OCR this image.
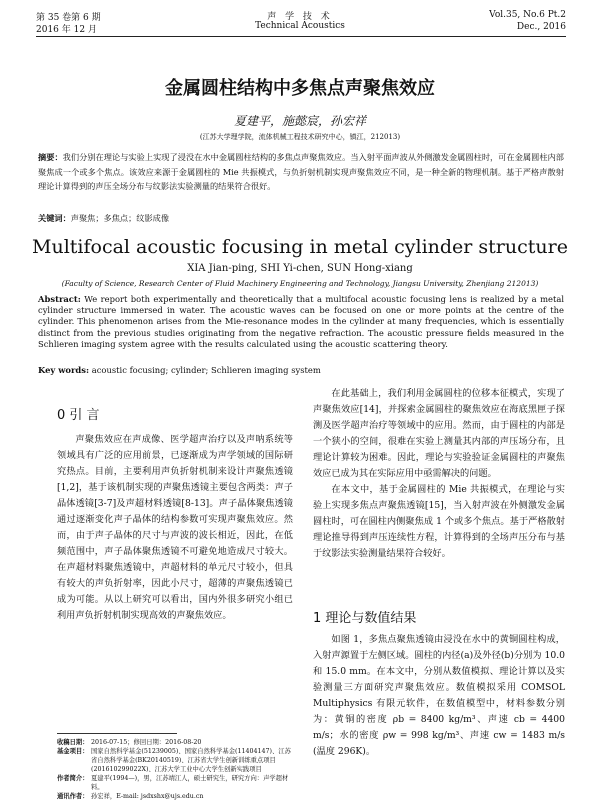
第 35 卷第 6 期
2016 年 12 月
声 学 技 术
Technical Acoustics
Vol.35, No.6 Pt.2
Dec., 2016
金属圆柱结构中多焦点声聚焦效应
夏建平，施懿宸，孙宏祥
(江苏大学理学院，流体机械工程技术研究中心，镇江，212013)
摘要：我们分别在理论与实验上实现了浸没在水中金属圆柱结构的多焦点声聚焦效应。当入射平面声波从外侧激发金属圆柱时，可在金属圆柱内部聚焦成一个或多个焦点。该效应来源于金属圆柱的 Mie 共振模式，与负折射机制实现声聚焦效应不同，是一种全新的物理机制。基于严格声散射理论计算得到的声压全场分布与纹影法实验测量的结果符合很好。
关键词：声聚焦；多焦点；纹影成像
Multifocal acoustic focusing in metal cylinder structure
XIA Jian-ping, SHI Yi-chen, SUN Hong-xiang
(Faculty of Science, Research Center of Fluid Machinery Engineering and Technology, Jiangsu University, Zhenjiang 212013)
Abstract: We report both experimentally and theoretically that a multifocal acoustic focusing lens is realized by a metal cylinder structure immersed in water. The acoustic waves can be focused on one or more points at the centre of the cylinder. This phenomenon arises from the Mie-resonance modes in the cylinder at many frequencies, which is essentially distinct from the previous studies originating from the negative refraction. The acoustic pressure fields measured in the Schlieren imaging system agree with the results calculated using the acoustic scattering theory.
Key words: acoustic focusing; cylinder; Schlieren imaging system
0 引 言

声聚焦效应在声成像、医学超声治疗以及声呐系统等领域具有广泛的应用前景，已逐渐成为声学领域的国际研究热点。目前，主要利用声负折射机制来设计声聚焦透镜[1,2]，基于该机制实现的声聚焦透镜主要包含两类：声子晶体透镜[3-7]及声超材料透镜[8-13]。声子晶体聚焦透镜通过逐渐变化声子晶体的结构参数可实现声聚焦效应。然而，由于声子晶体的尺寸与声波的波长相近，因此，在低频范围中，声子晶体聚焦透镜不可避免地造成尺寸较大。在声超材料聚焦透镜中，声超材料的单元尺寸较小，但具有较大的声负折射率，因此小尺寸，超薄的声聚焦透镜已成为可能。从以上研究可以看出，国内外很多研究小组已利用声负折射机制实现高效的声聚焦效应。

在此基础上，我们利用金属圆柱的位移本征模式，实现了声聚焦效应[14]，并探索金属圆柱的聚焦效应在海底黑匣子探测及医学超声治疗等领域中的应用。然而，由于圆柱的内部是一个狭小的空间，很难在实验上测量其内部的声压场分布，且理论计算较为困难。因此，理论与实验验证金属圆柱的声聚焦效应已成为其在实际应用中亟需解决的问题。

在本文中，基于金属圆柱的 Mie 共振模式，在理论与实验上实现多焦点声聚焦透镜[15]，当入射声波在外侧激发金属圆柱时，可在圆柱内侧聚焦成 1 个或多个焦点。基于严格散射理论推导得到声压连续性方程，计算得到的全场声压分布与基于纹影法实验测量结果符合较好。

1 理论与数值结果

如图 1，多焦点聚焦透镜由浸没在水中的黄铜圆柱构成，入射声源置于左侧区域。圆柱的内径(a)及外径(b)分别为 10.0 和 15.0 mm。在本文中，分别从数值模拟、理论计算以及实验测量三方面研究声聚焦效应。数值模拟采用 COMSOL Multiphysics 有限元软件，在数值模型中，材料参数分别为：黄铜的密度 ρb = 8400 kg/m³、声速 cb = 4400 m/s；水的密度 ρw = 998 kg/m³、声速 cw = 1483 m/s (温度 296K)。

收稿日期： 2016-07-15；修回日期：2016-08-20
基金项目： 国家自然科学基金(51239005)、国家自然科学基金(11404147)、江苏省自然科学基金(BK20140519)、江苏省大学生创新训练重点项目(201610299022X)、江苏大学工业中心大学生创新实践项目
作者简介： 夏建平(1994—)，男，江苏靖江人，硕士研究生，研究方向：声学超材料。
通讯作者： 孙宏祥，E-mail: jsdxshx@ujs.edu.cn
